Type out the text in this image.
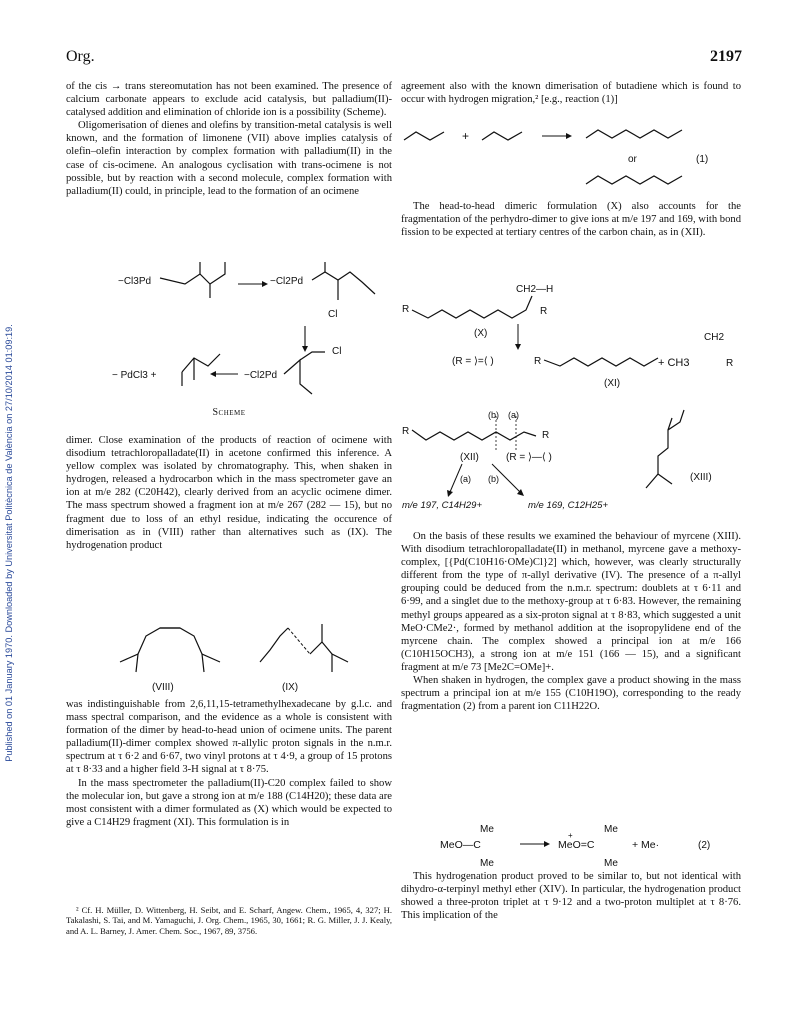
Published on 01 January 1970. Downloaded by Universitat Politècnica de València on 27/10/2014 01:09:19.
Org.	2197

of the cis → trans stereomutation has not been examined. The presence of calcium carbonate appears to exclude acid catalysis, but palladium(II)-catalysed addition and elimination of chloride ion is a possibility (Scheme).

Oligomerisation of dienes and olefins by transition-metal catalysis is well known, and the formation of limonene (VII) above implies catalysis of olefin–olefin interaction by complex formation with palladium(II) in the case of cis-ocimene. An analogous cyclisation with trans-ocimene is not possible, but by reaction with a second molecule, complex formation with palladium(II) could, in principle, lead to the formation of an ocimene

−Cl3Pd	−Cl2Pd
Cl
Cl
−Cl2Pd
− PdCl3 +
Scheme

dimer. Close examination of the products of reaction of ocimene with disodium tetrachloropalladate(II) in acetone confirmed this inference. A yellow complex was isolated by chromatography. This, when shaken in hydrogen, released a hydrocarbon which in the mass spectrometer gave an ion at m/e 282 (C20H42), clearly derived from an acyclic ocimene dimer. The mass spectrum showed a fragment ion at m/e 267 (282 — 15), but no fragment due to loss of an ethyl residue, indicating the occurence of dimerisation as in (VIII) rather than alternatives such as (IX). The hydrogenation product

(VIII)	(IX)

was indistinguishable from 2,6,11,15-tetramethylhexadecane by g.l.c. and mass spectral comparison, and the evidence as a whole is consistent with formation of the dimer by head-to-head union of ocimene units. The parent palladium(II)-dimer complex showed π-allylic proton signals in the n.m.r. spectrum at τ 6·2 and 6·67, two vinyl protons at τ 4·9, a group of 15 protons at τ 8·33 and a higher field 3-H signal at τ 8·75.

In the mass spectrometer the palladium(II)-C20 complex failed to show the molecular ion, but gave a strong ion at m/e 188 (C14H20); these data are most consistent with a dimer formulated as (X) which would be expected to give a C14H29 fragment (XI). This formulation is in

² Cf. H. Müller, D. Wittenberg, H. Seibt, and E. Scharf, Angew. Chem., 1965, 4, 327; H. Takalashi, S. Tai, and M. Yamaguchi, J. Org. Chem., 1965, 30, 1661; R. G. Miller, J. J. Kealy, and A. L. Barney, J. Amer. Chem. Soc., 1967, 89, 3756.

agreement also with the known dimerisation of butadiene which is found to occur with hydrogen migration,² [e.g., reaction (1)]

+
or	(1)

The head-to-head dimeric formulation (X) also accounts for the fragmentation of the perhydro-dimer to give ions at m/e 197 and 169, with bond fission to be expected at tertiary centres of the carbon chain, as in (XII).

CH2—H
R	R
(X)
(R = ⟩=⟨ )	R
CH2
+ CH3	R
(XI)
(b) (a)
R	R
(XII)	(R = ⟩—⟨ )
(a) (b)
m/e 197, C14H29+	m/e 169, C12H25+
(XIII)

On the basis of these results we examined the behaviour of myrcene (XIII). With disodium tetrachloropalladate(II) in methanol, myrcene gave a methoxy-complex, [{Pd(C10H16·OMe)Cl}2] which, however, was clearly structurally different from the type of π-allyl derivative (IV). The presence of a π-allyl grouping could be deduced from the n.m.r. spectrum: doublets at τ 6·11 and 6·99, and a singlet due to the methoxy-group at τ 6·83. However, the remaining methyl groups appeared as a six-proton signal at τ 8·83, which suggested a unit MeO·CMe2·, formed by methanol addition at the isopropylidene end of the myrcene chain. The complex showed a principal ion at m/e 166 (C10H15OCH3), a strong ion at m/e 151 (166 — 15), and a significant fragment at m/e 73 [Me2C=OMe]+.

When shaken in hydrogen, the complex gave a product showing in the mass spectrum a principal ion at m/e 155 (C10H19O), corresponding to the ready fragmentation (2) from a parent ion C11H22O.

MeO—C
Me
Me
MeO=C
+
Me
Me
+ Me·	(2)

This hydrogenation product proved to be similar to, but not identical with dihydro-α-terpinyl methyl ether (XIV). In particular, the hydrogenation product showed a three-proton triplet at τ 9·12 and a two-proton multiplet at τ 8·76. This implication of the
